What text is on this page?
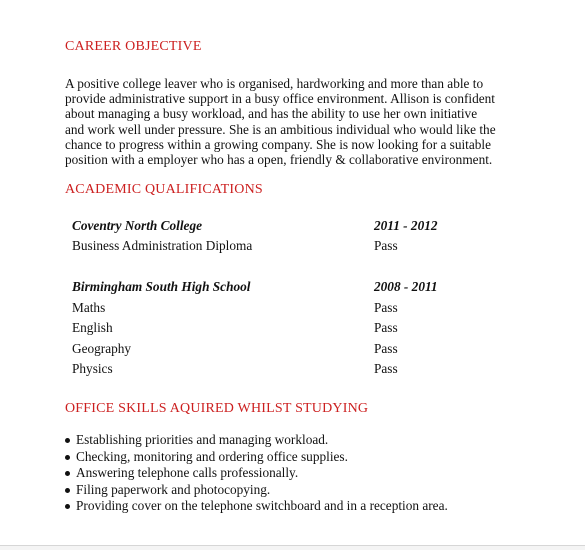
CAREER OBJECTIVE

A positive college leaver who is organised, hardworking and more than able to
provide administrative support in a busy office environment. Allison is confident
about managing a busy workload, and has the ability to use her own initiative
and work well under pressure. She is an ambitious individual who would like the
chance to progress within a growing company. She is now looking for a suitable
position with a employer who has a open, friendly & collaborative environment.

ACADEMIC QUALIFICATIONS
Coventry North College	2011 - 2012
Business Administration Diploma	Pass
Birmingham South High School	2008 - 2011
Maths	Pass
English	Pass
Geography	Pass
Physics	Pass
OFFICE SKILLS AQUIRED WHILST STUDYING
Establishing priorities and managing workload.
Checking, monitoring and ordering office supplies.
Answering telephone calls professionally.
Filing paperwork and photocopying.
Providing cover on the telephone switchboard and in a reception area.
